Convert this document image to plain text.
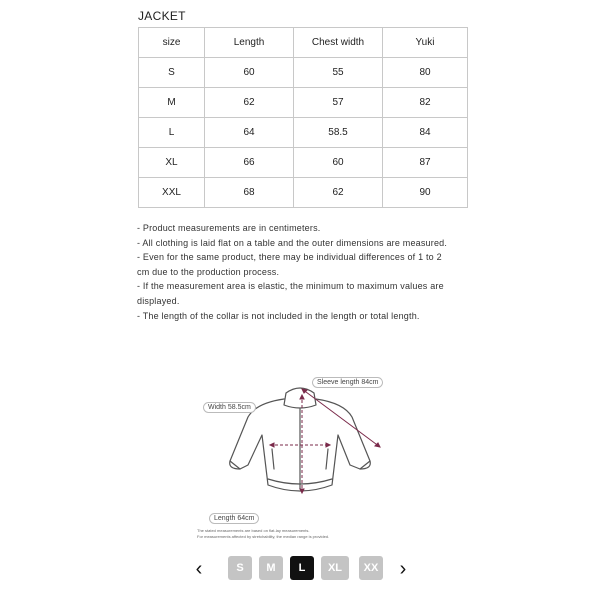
JACKET
size	Length	Chest width	Yuki
S	60	55	80
M	62	57	82
L	64	58.5	84
XL	66	60	87
XXL	68	62	90
- Product measurements are in centimeters.
- All clothing is laid flat on a table and the outer dimensions are measured.
- Even for the same product, there may be individual differences of 1 to 2
cm due to the production process.
- If the measurement area is elastic, the minimum to maximum values are
displayed.
- The length of the collar is not included in the length or total length.
Sleeve length 84cm
Width 58.5cm
Length 64cm
The stated measurements are based on flat-lay measurements.
For measurements affected by stretchability, the median range is provided.
‹	S	M	L	XL	XX ›
